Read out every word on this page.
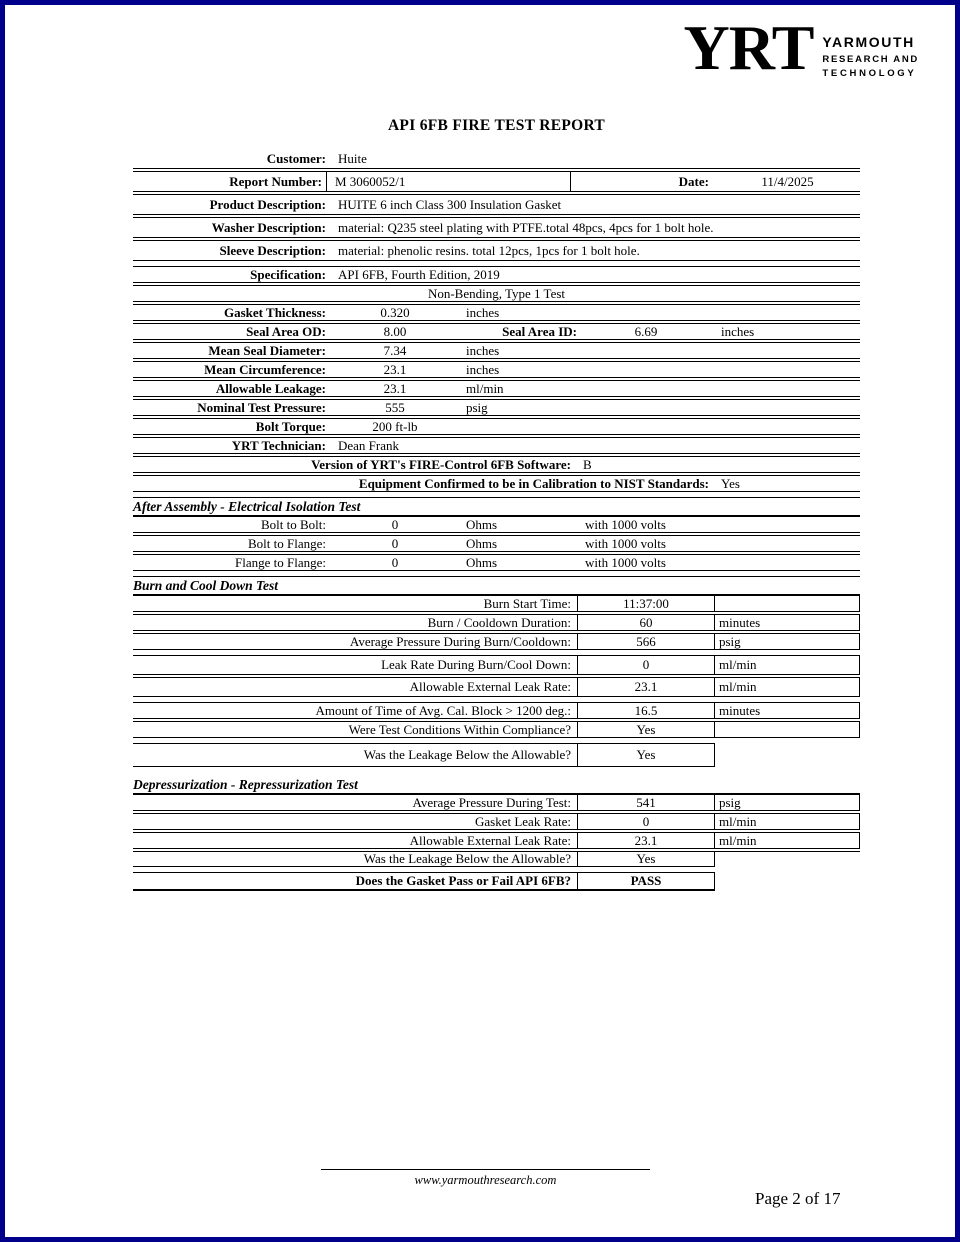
YRT YARMOUTH
RESEARCH AND
TECHNOLOGY
API 6FB FIRE TEST REPORT
Customer: Huite
Report Number:	M 3060052/1	Date:	11/4/2025
Product Description: HUITE 6 inch Class 300 Insulation Gasket
Washer Description: material: Q235 steel plating with PTFE.total 48pcs, 4pcs for 1 bolt hole.
Sleeve Description: material: phenolic resins. total 12pcs, 1pcs for 1 bolt hole.
Specification: API 6FB, Fourth Edition, 2019
Non-Bending, Type 1 Test
Gasket Thickness:	0.320	inches
Seal Area OD:	8.00	Seal Area ID:	6.69	inches
Mean Seal Diameter:	7.34	inches
Mean Circumference:	23.1	inches
Allowable Leakage:	23.1	ml/min
Nominal Test Pressure:	555	psig
Bolt Torque:	200 ft-lb
YRT Technician: Dean Frank
Version of YRT's FIRE-Control 6FB Software: B
Equipment Confirmed to be in Calibration to NIST Standards: Yes
After Assembly - Electrical Isolation Test
Bolt to Bolt:	0	Ohms	with 1000 volts
Bolt to Flange:	0	Ohms	with 1000 volts
Flange to Flange:	0	Ohms	with 1000 volts
Burn and Cool Down Test
Burn Start Time:	11:37:00
Burn / Cooldown Duration:	60	minutes
Average Pressure During Burn/Cooldown:	566	psig
Leak Rate During Burn/Cool Down:	0	ml/min
Allowable External Leak Rate:	23.1	ml/min
Amount of Time of Avg. Cal. Block > 1200 deg.:	16.5	minutes
Were Test Conditions Within Compliance?	Yes
Was the Leakage Below the Allowable?	Yes
Depressurization - Repressurization Test
Average Pressure During Test:	541	psig
Gasket Leak Rate:	0	ml/min
Allowable External Leak Rate:	23.1	ml/min
Was the Leakage Below the Allowable?	Yes
Does the Gasket Pass or Fail API 6FB?	PASS
www.yarmouthresearch.com
Page 2 of 17
